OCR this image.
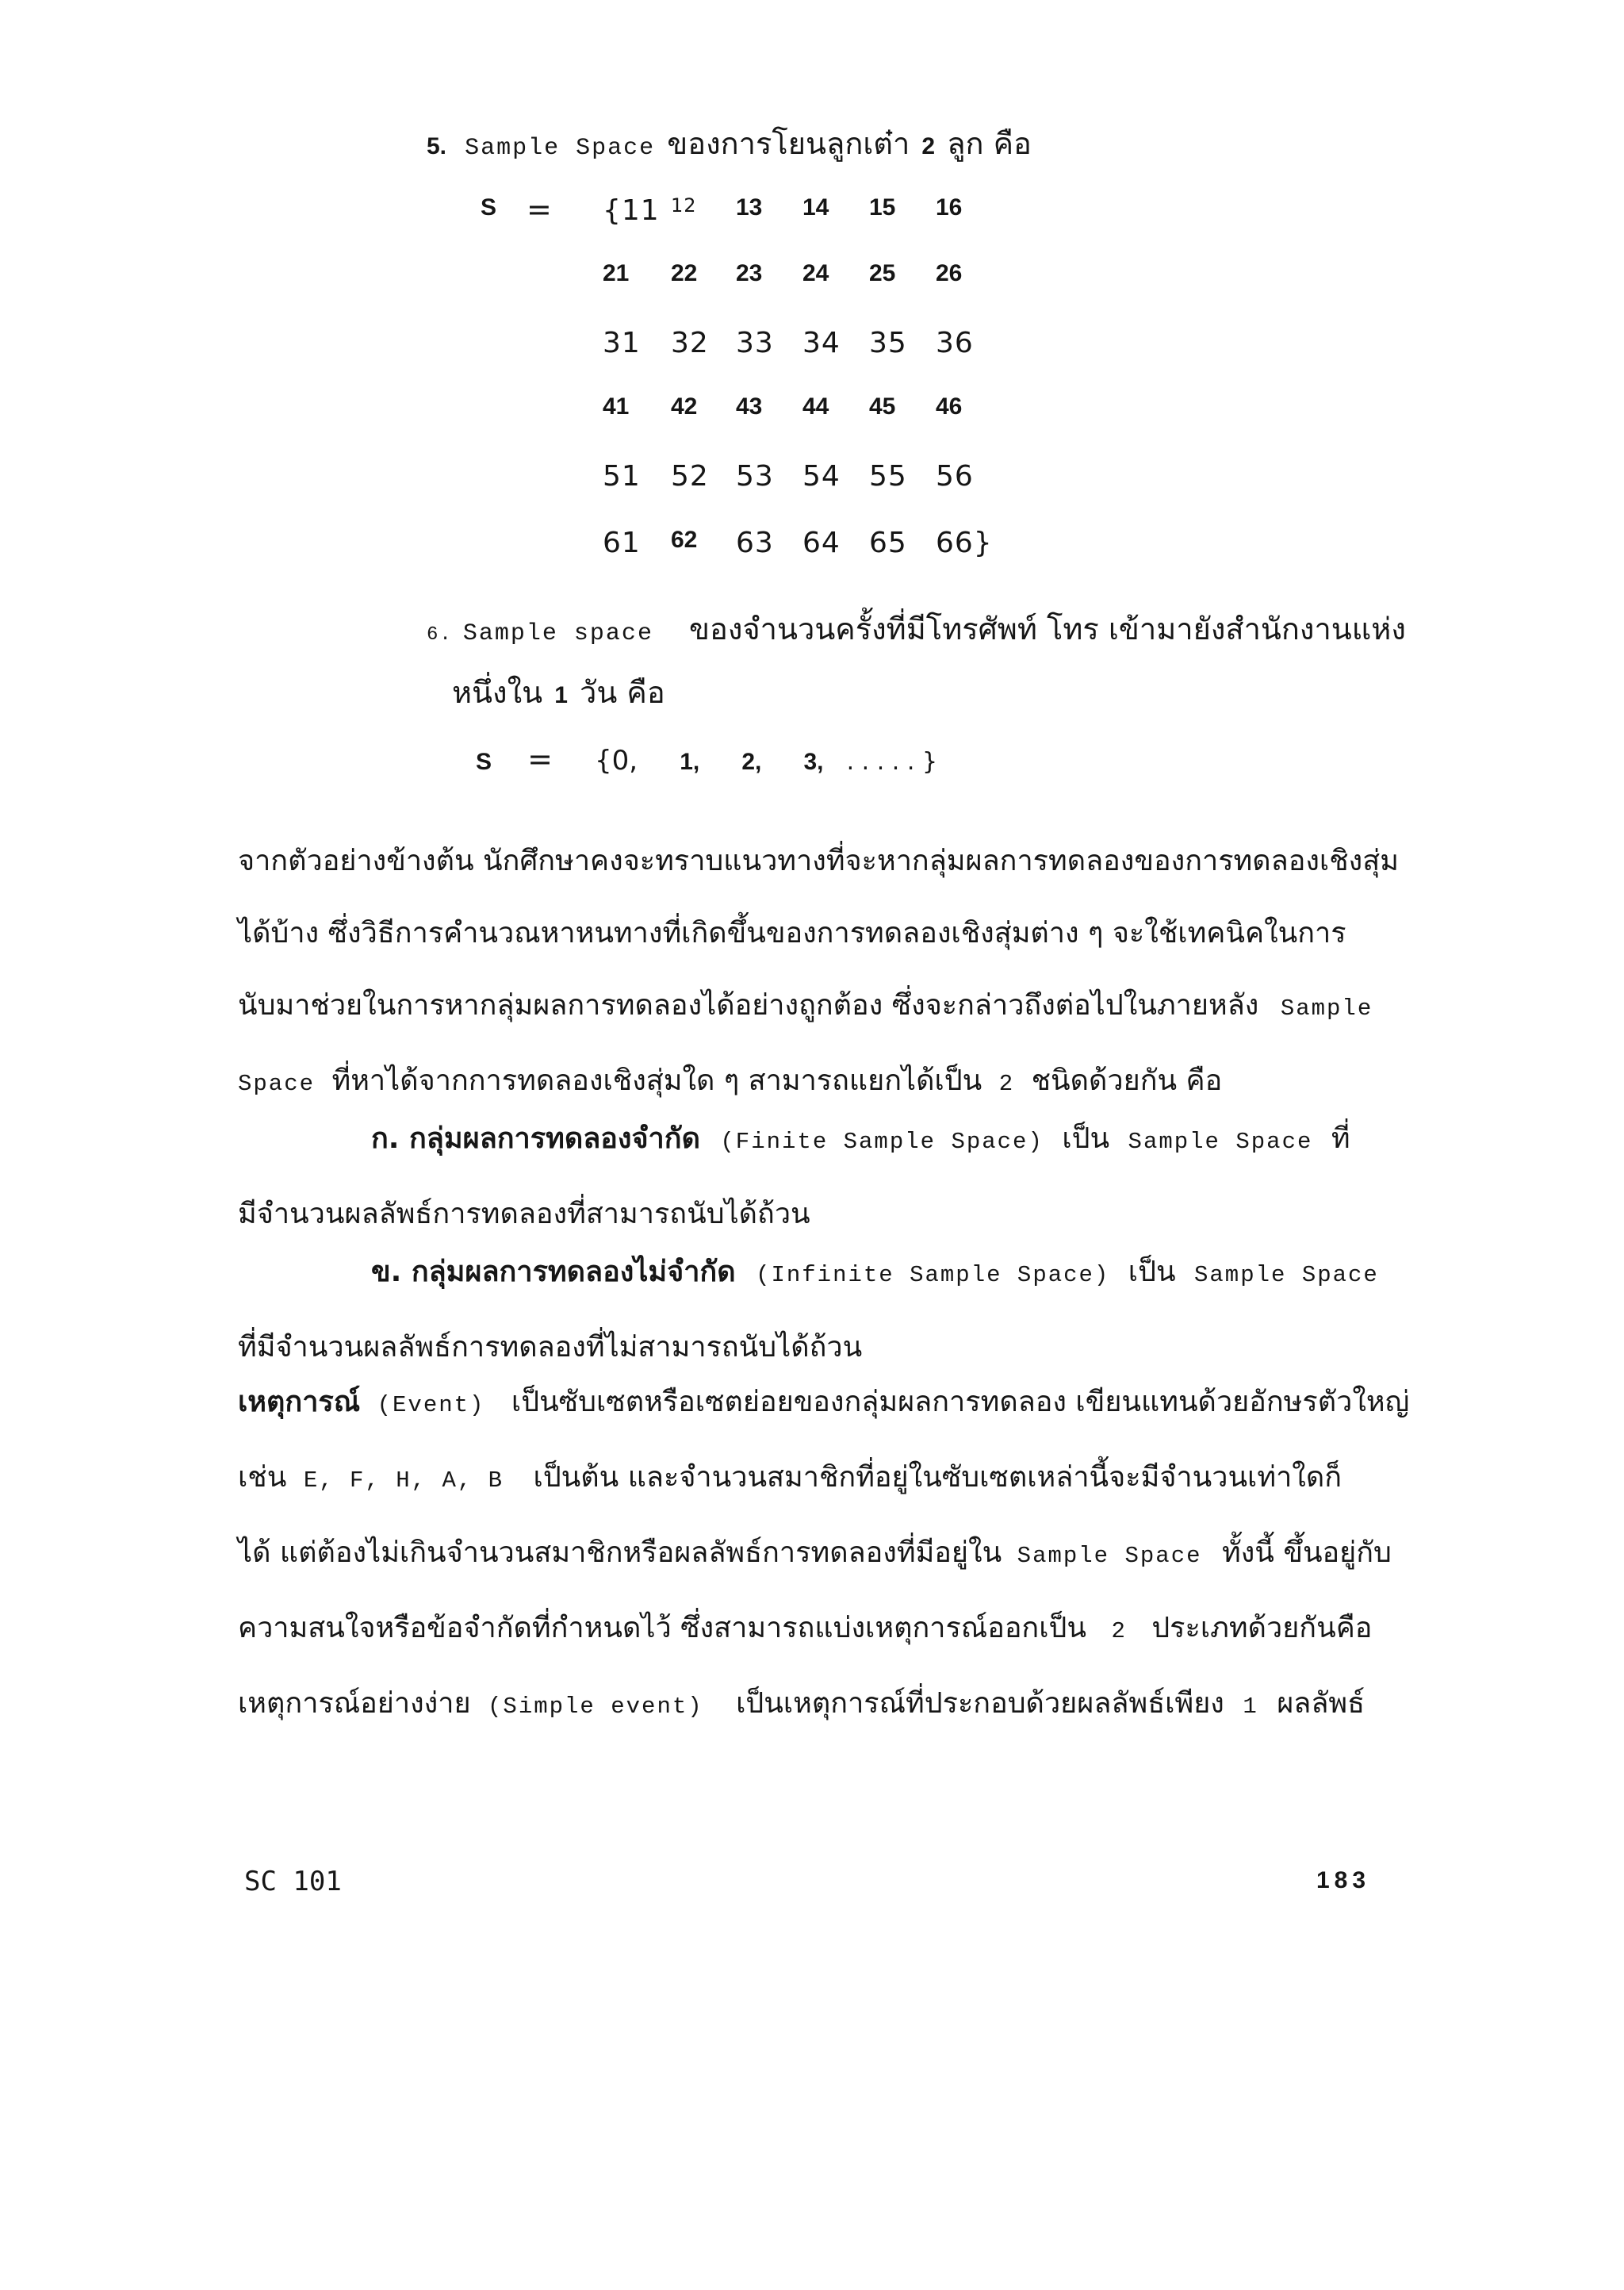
5. Sample Space ของการโยนลูกเต๋า 2 ลูก คือ
S = {11 12	13	14	15	16
21	22	23	24	25	26
31	32 33	34	35	36
41	42	43	44	45	46
51	52 53	54	55	56
61	62	63	64	65	66}
6. Sample space ของจำนวนครั้งที่มีโทรศัพท์ โทร เข้ามายังสำนักงานแห่ง
หนึ่งใน 1 วัน คือ
S = {0, 1, 2, 3, . . . . . }
จากตัวอย่างข้างต้น นักศึกษาคงจะทราบแนวทางที่จะหากลุ่มผลการทดลองของการทดลองเชิงสุ่ม
ได้บ้าง ซึ่งวิธีการคำนวณหาหนทางที่เกิดขึ้นของการทดลองเชิงสุ่มต่าง ๆ จะใช้เทคนิคในการ
นับมาช่วยในการหากลุ่มผลการทดลองได้อย่างถูกต้อง ซึ่งจะกล่าวถึงต่อไปในภายหลัง Sample
Space ที่หาได้จากการทดลองเชิงสุ่มใด ๆ สามารถแยกได้เป็น 2 ชนิดด้วยกัน คือ
ก. กลุ่มผลการทดลองจำกัด (Finite Sample Space) เป็น Sample Space ที่
มีจำนวนผลลัพธ์การทดลองที่สามารถนับได้ถ้วน
ข. กลุ่มผลการทดลองไม่จำกัด (Infinite Sample Space) เป็น Sample Space
ที่มีจำนวนผลลัพธ์การทดลองที่ไม่สามารถนับได้ถ้วน
เหตุการณ์ (Event) เป็นซับเซตหรือเซตย่อยของกลุ่มผลการทดลอง เขียนแทนด้วยอักษรตัวใหญ่
เช่น E, F, H, A, B เป็นต้น และจำนวนสมาชิกที่อยู่ในซับเซตเหล่านี้จะมีจำนวนเท่าใดก็
ได้ แต่ต้องไม่เกินจำนวนสมาชิกหรือผลลัพธ์การทดลองที่มีอยู่ใน Sample Space ทั้งนี้ ขึ้นอยู่กับ
ความสนใจหรือข้อจำกัดที่กำหนดไว้ ซึ่งสามารถแบ่งเหตุการณ์ออกเป็น 2 ประเภทด้วยกันคือ
เหตุการณ์อย่างง่าย (Simple event) เป็นเหตุการณ์ที่ประกอบด้วยผลลัพธ์เพียง 1 ผลลัพธ์
SC 101	183
